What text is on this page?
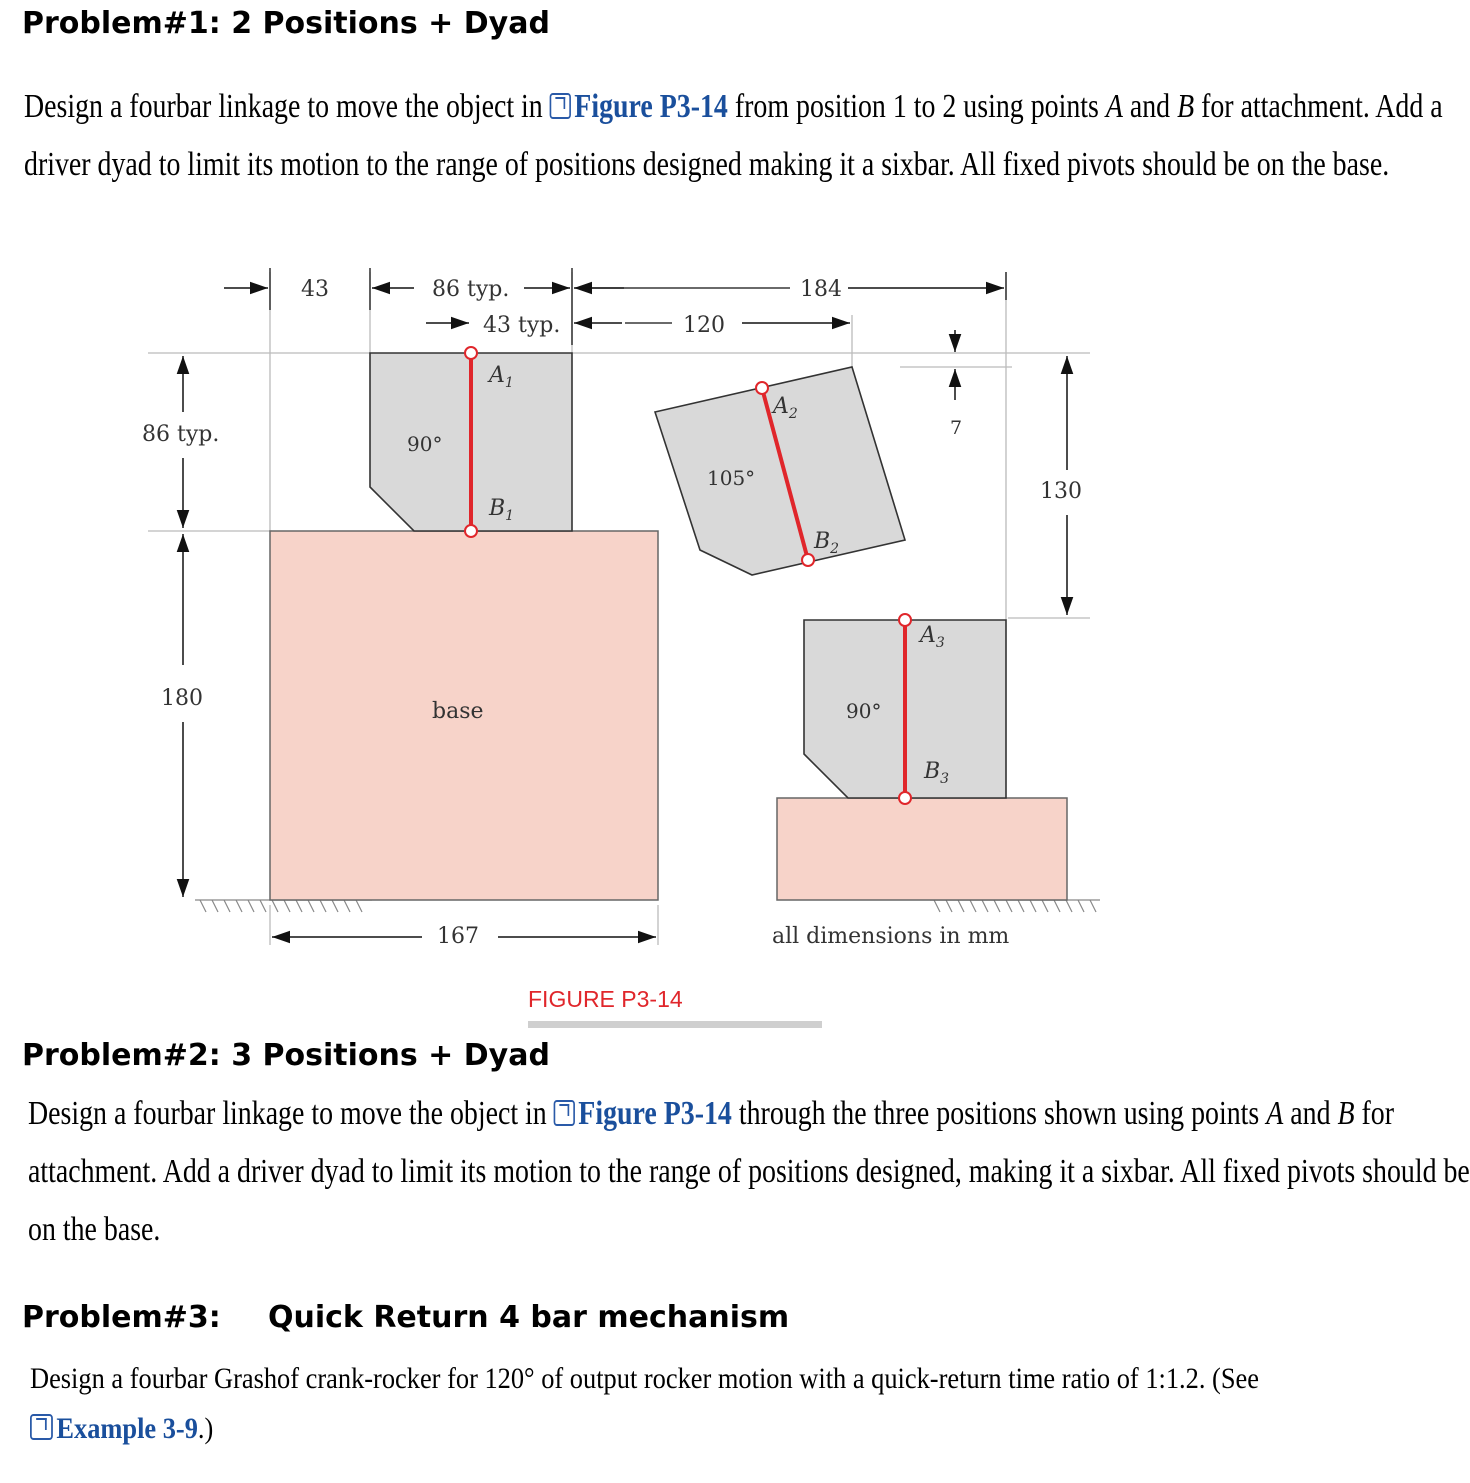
Problem#1: 2 Positions + Dyad
Design a fourbar linkage to move the object in Figure P3-14 from position 1 to 2 using points A and B for attachment. Add a
driver dyad to limit its motion to the range of positions designed making it a sixbar. All fixed pivots should be on the base.
43	86 typ.
43 typ.
184
120
7
130
86 typ.
180
167
$A_1$
$B_1$
$A_2$
$B_2$
$A_3$
$B_3$
90°
105°
90°
base
all dimensions in mm
FIGURE P3-14
Problem#2: 3 Positions + Dyad
Design a fourbar linkage to move the object in Figure P3-14 through the three positions shown using points A and B for
attachment. Add a driver dyad to limit its motion to the range of positions designed, making it a sixbar. All fixed pivots should be
on the base.
Problem#3: Quick Return 4 bar mechanism
Design a fourbar Grashof crank-rocker for 120° of output rocker motion with a quick-return time ratio of 1:1.2. (See
Example 3-9.)
